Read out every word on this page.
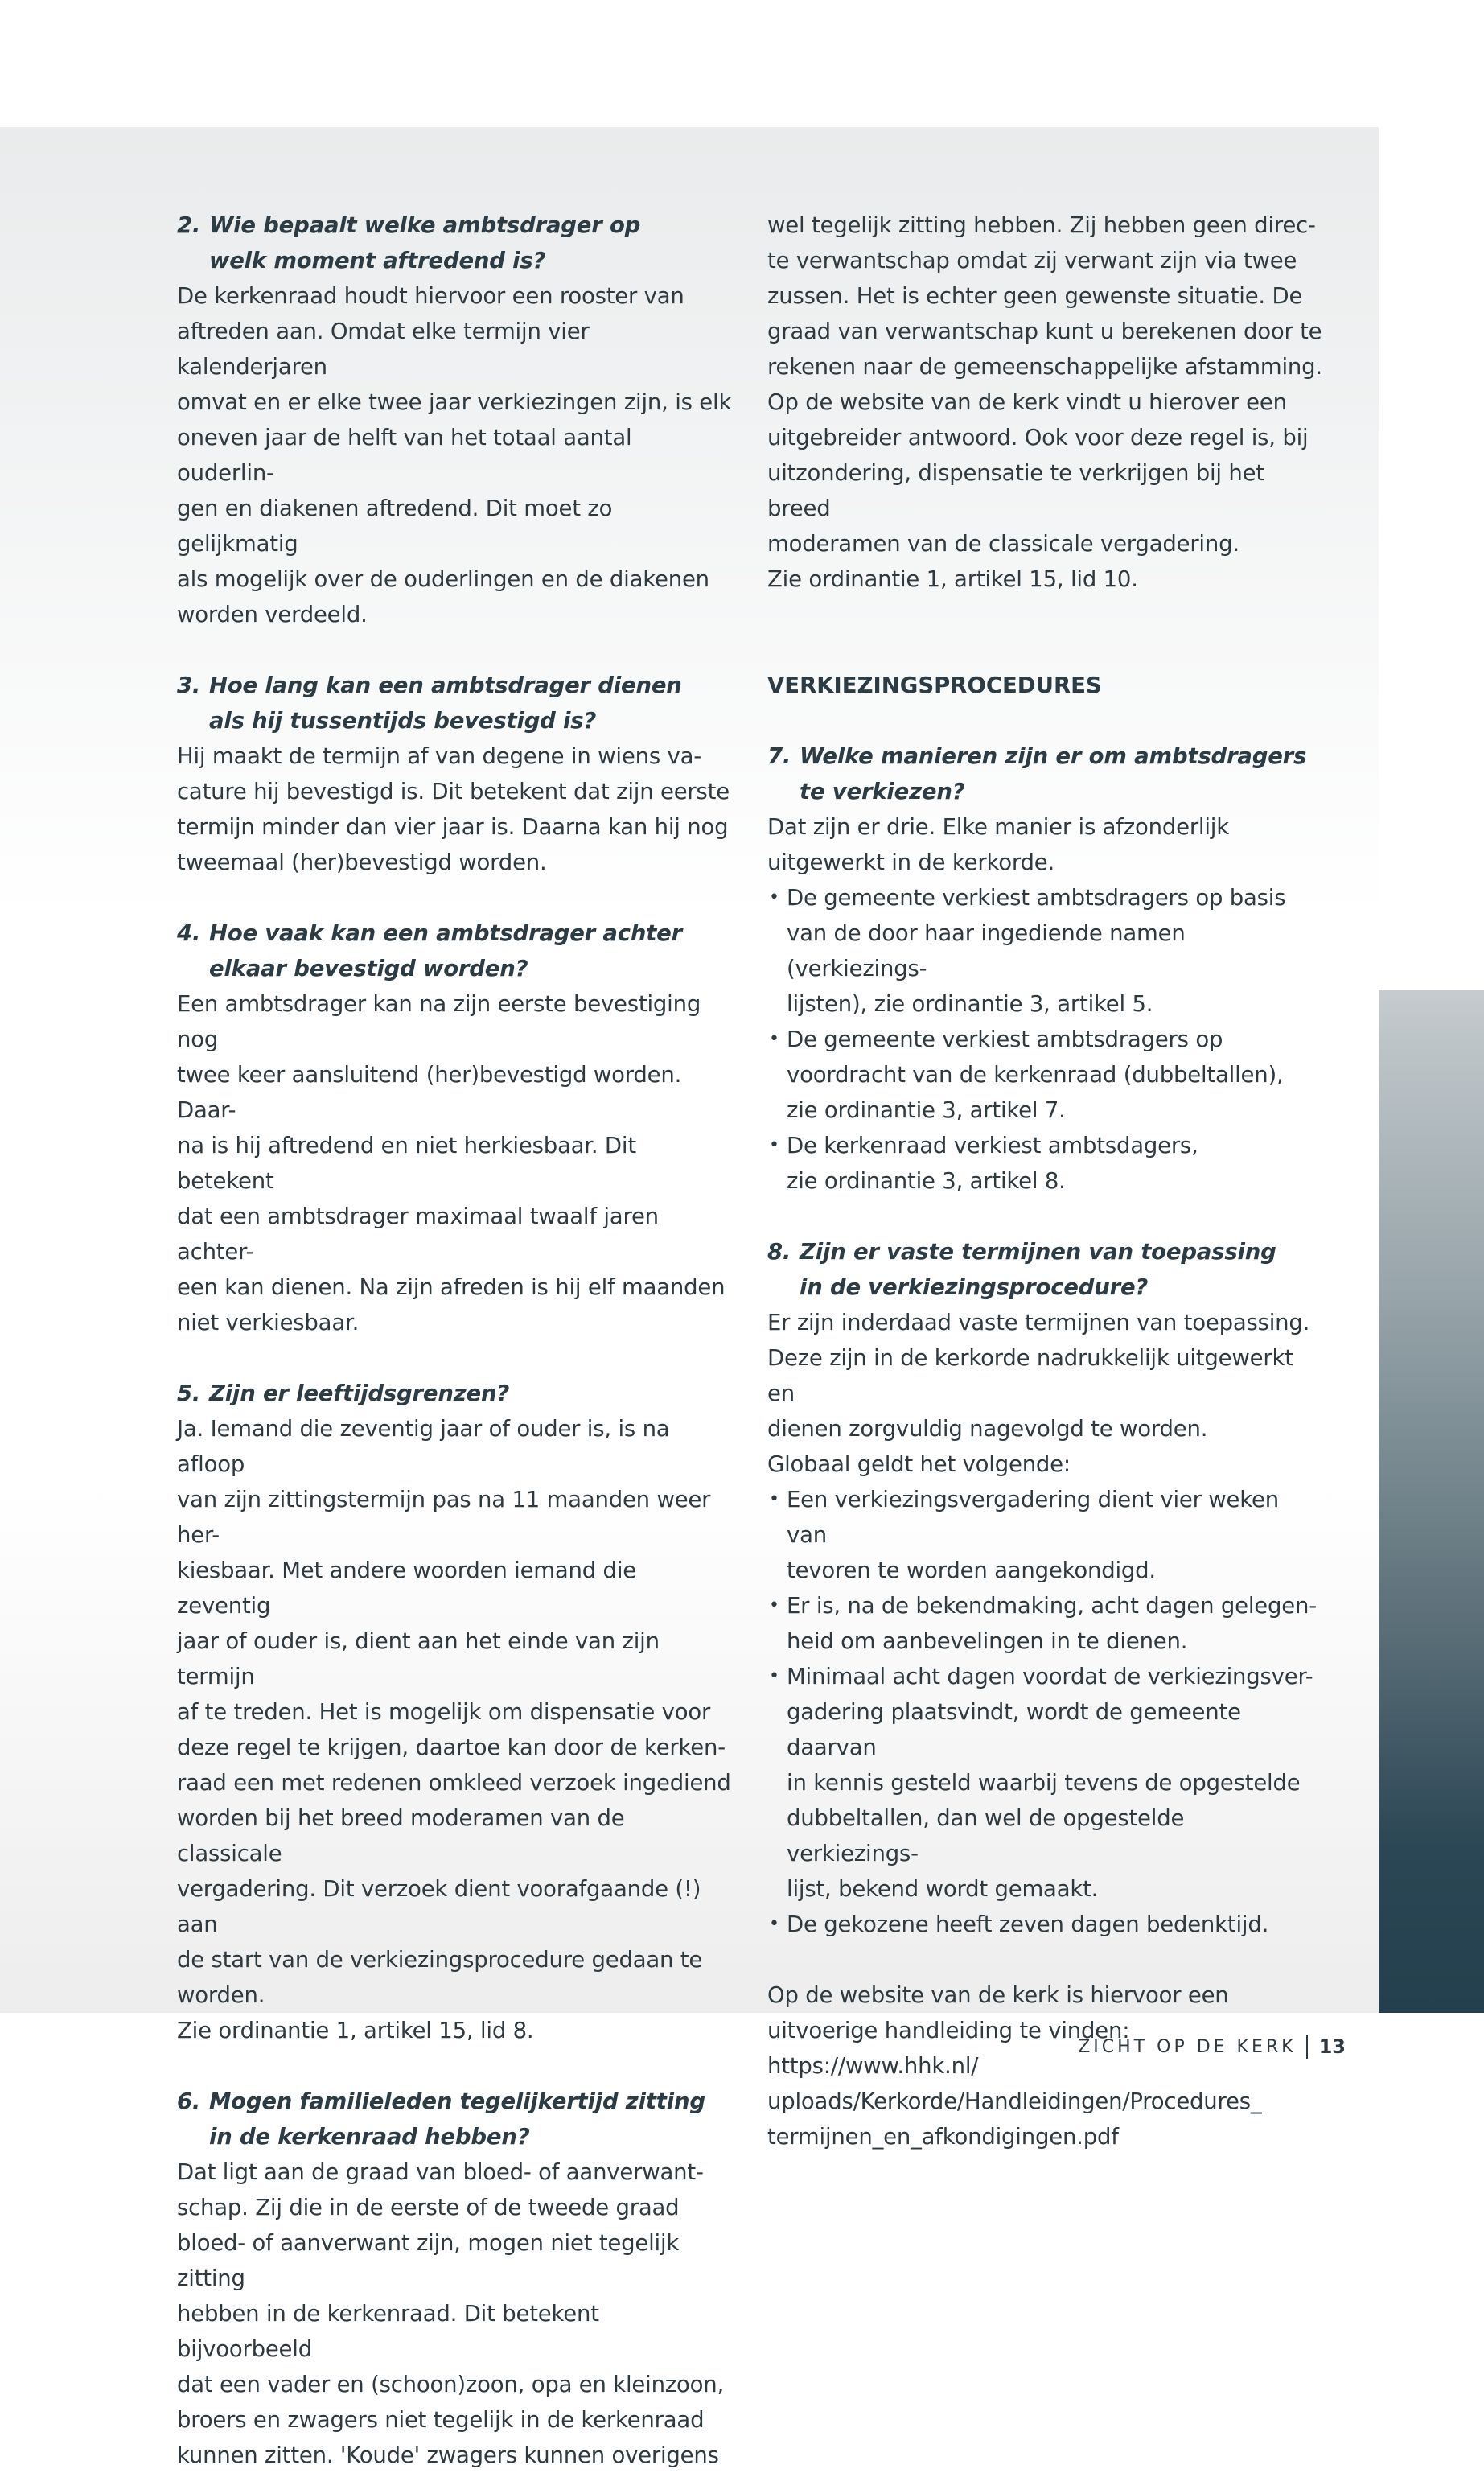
2. Wie bepaalt welke ambtsdrager op
welk moment aftredend is?

De kerkenraad houdt hiervoor een rooster van

aftreden aan. Omdat elke termijn vier kalenderjaren

omvat en er elke twee jaar verkiezingen zijn, is elk

oneven jaar de helft van het totaal aantal ouderlin-

gen en diakenen aftredend. Dit moet zo gelijkmatig

als mogelijk over de ouderlingen en de diakenen

worden verdeeld.

3. Hoe lang kan een ambtsdrager dienen
als hij tussentijds bevestigd is?

Hij maakt de termijn af van degene in wiens va-

cature hij bevestigd is. Dit betekent dat zijn eerste

termijn minder dan vier jaar is. Daarna kan hij nog

tweemaal (her)bevestigd worden.

4. Hoe vaak kan een ambtsdrager achter
elkaar bevestigd worden?

Een ambtsdrager kan na zijn eerste bevestiging nog

twee keer aansluitend (her)bevestigd worden. Daar-

na is hij aftredend en niet herkiesbaar. Dit betekent

dat een ambtsdrager maximaal twaalf jaren achter-

een kan dienen. Na zijn afreden is hij elf maanden

niet verkiesbaar.

5. Zijn er leeftijdsgrenzen?

Ja. Iemand die zeventig jaar of ouder is, is na afloop

van zijn zittingstermijn pas na 11 maanden weer her-

kiesbaar. Met andere woorden iemand die zeventig

jaar of ouder is, dient aan het einde van zijn termijn

af te treden. Het is mogelijk om dispensatie voor

deze regel te krijgen, daartoe kan door de kerken-

raad een met redenen omkleed verzoek ingediend

worden bij het breed moderamen van de classicale

vergadering. Dit verzoek dient voorafgaande (!) aan

de start van de verkiezingsprocedure gedaan te

worden.

Zie ordinantie 1, artikel 15, lid 8.

6. Mogen familieleden tegelijkertijd zitting
in de kerkenraad hebben?

Dat ligt aan de graad van bloed- of aanverwant-

schap. Zij die in de eerste of de tweede graad

bloed- of aanverwant zijn, mogen niet tegelijk zitting

hebben in de kerkenraad. Dit betekent bijvoorbeeld

dat een vader en (schoon)zoon, opa en kleinzoon,

broers en zwagers niet tegelijk in de kerkenraad

kunnen zitten. 'Koude' zwagers kunnen overigens

wel tegelijk zitting hebben. Zij hebben geen direc-

te verwantschap omdat zij verwant zijn via twee

zussen. Het is echter geen gewenste situatie. De

graad van verwantschap kunt u berekenen door te

rekenen naar de gemeenschappelijke afstamming.

Op de website van de kerk vindt u hierover een

uitgebreider antwoord. Ook voor deze regel is, bij

uitzondering, dispensatie te verkrijgen bij het breed

moderamen van de classicale vergadering.

Zie ordinantie 1, artikel 15, lid 10.

VERKIEZINGSPROCEDURES

7. Welke manieren zijn er om ambtsdragers
te verkiezen?

Dat zijn er drie. Elke manier is afzonderlijk

uitgewerkt in de kerkorde.

• De gemeente verkiest ambtsdragers op basis
van de door haar ingediende namen (verkiezings-
lijsten), zie ordinantie 3, artikel 5.
• De gemeente verkiest ambtsdragers op
voordracht van de kerkenraad (dubbeltallen),
zie ordinantie 3, artikel 7.
• De kerkenraad verkiest ambtsdagers,
zie ordinantie 3, artikel 8.

8. Zijn er vaste termijnen van toepassing
in de verkiezingsprocedure?

Er zijn inderdaad vaste termijnen van toepassing.

Deze zijn in de kerkorde nadrukkelijk uitgewerkt en

dienen zorgvuldig nagevolgd te worden.

Globaal geldt het volgende:

• Een verkiezingsvergadering dient vier weken van
tevoren te worden aangekondigd.
• Er is, na de bekendmaking, acht dagen gelegen-
heid om aanbevelingen in te dienen.
• Minimaal acht dagen voordat de verkiezingsver-
gadering plaatsvindt, wordt de gemeente daarvan
in kennis gesteld waarbij tevens de opgestelde
dubbeltallen, dan wel de opgestelde verkiezings-
lijst, bekend wordt gemaakt.
• De gekozene heeft zeven dagen bedenktijd.

Op de website van de kerk is hiervoor een

uitvoerige handleiding te vinden: https://www.hhk.nl/

uploads/Kerkorde/Handleidingen/Procedures_

termijnen_en_afkondigingen.pdf

ZICHT OP DE KERK 13
